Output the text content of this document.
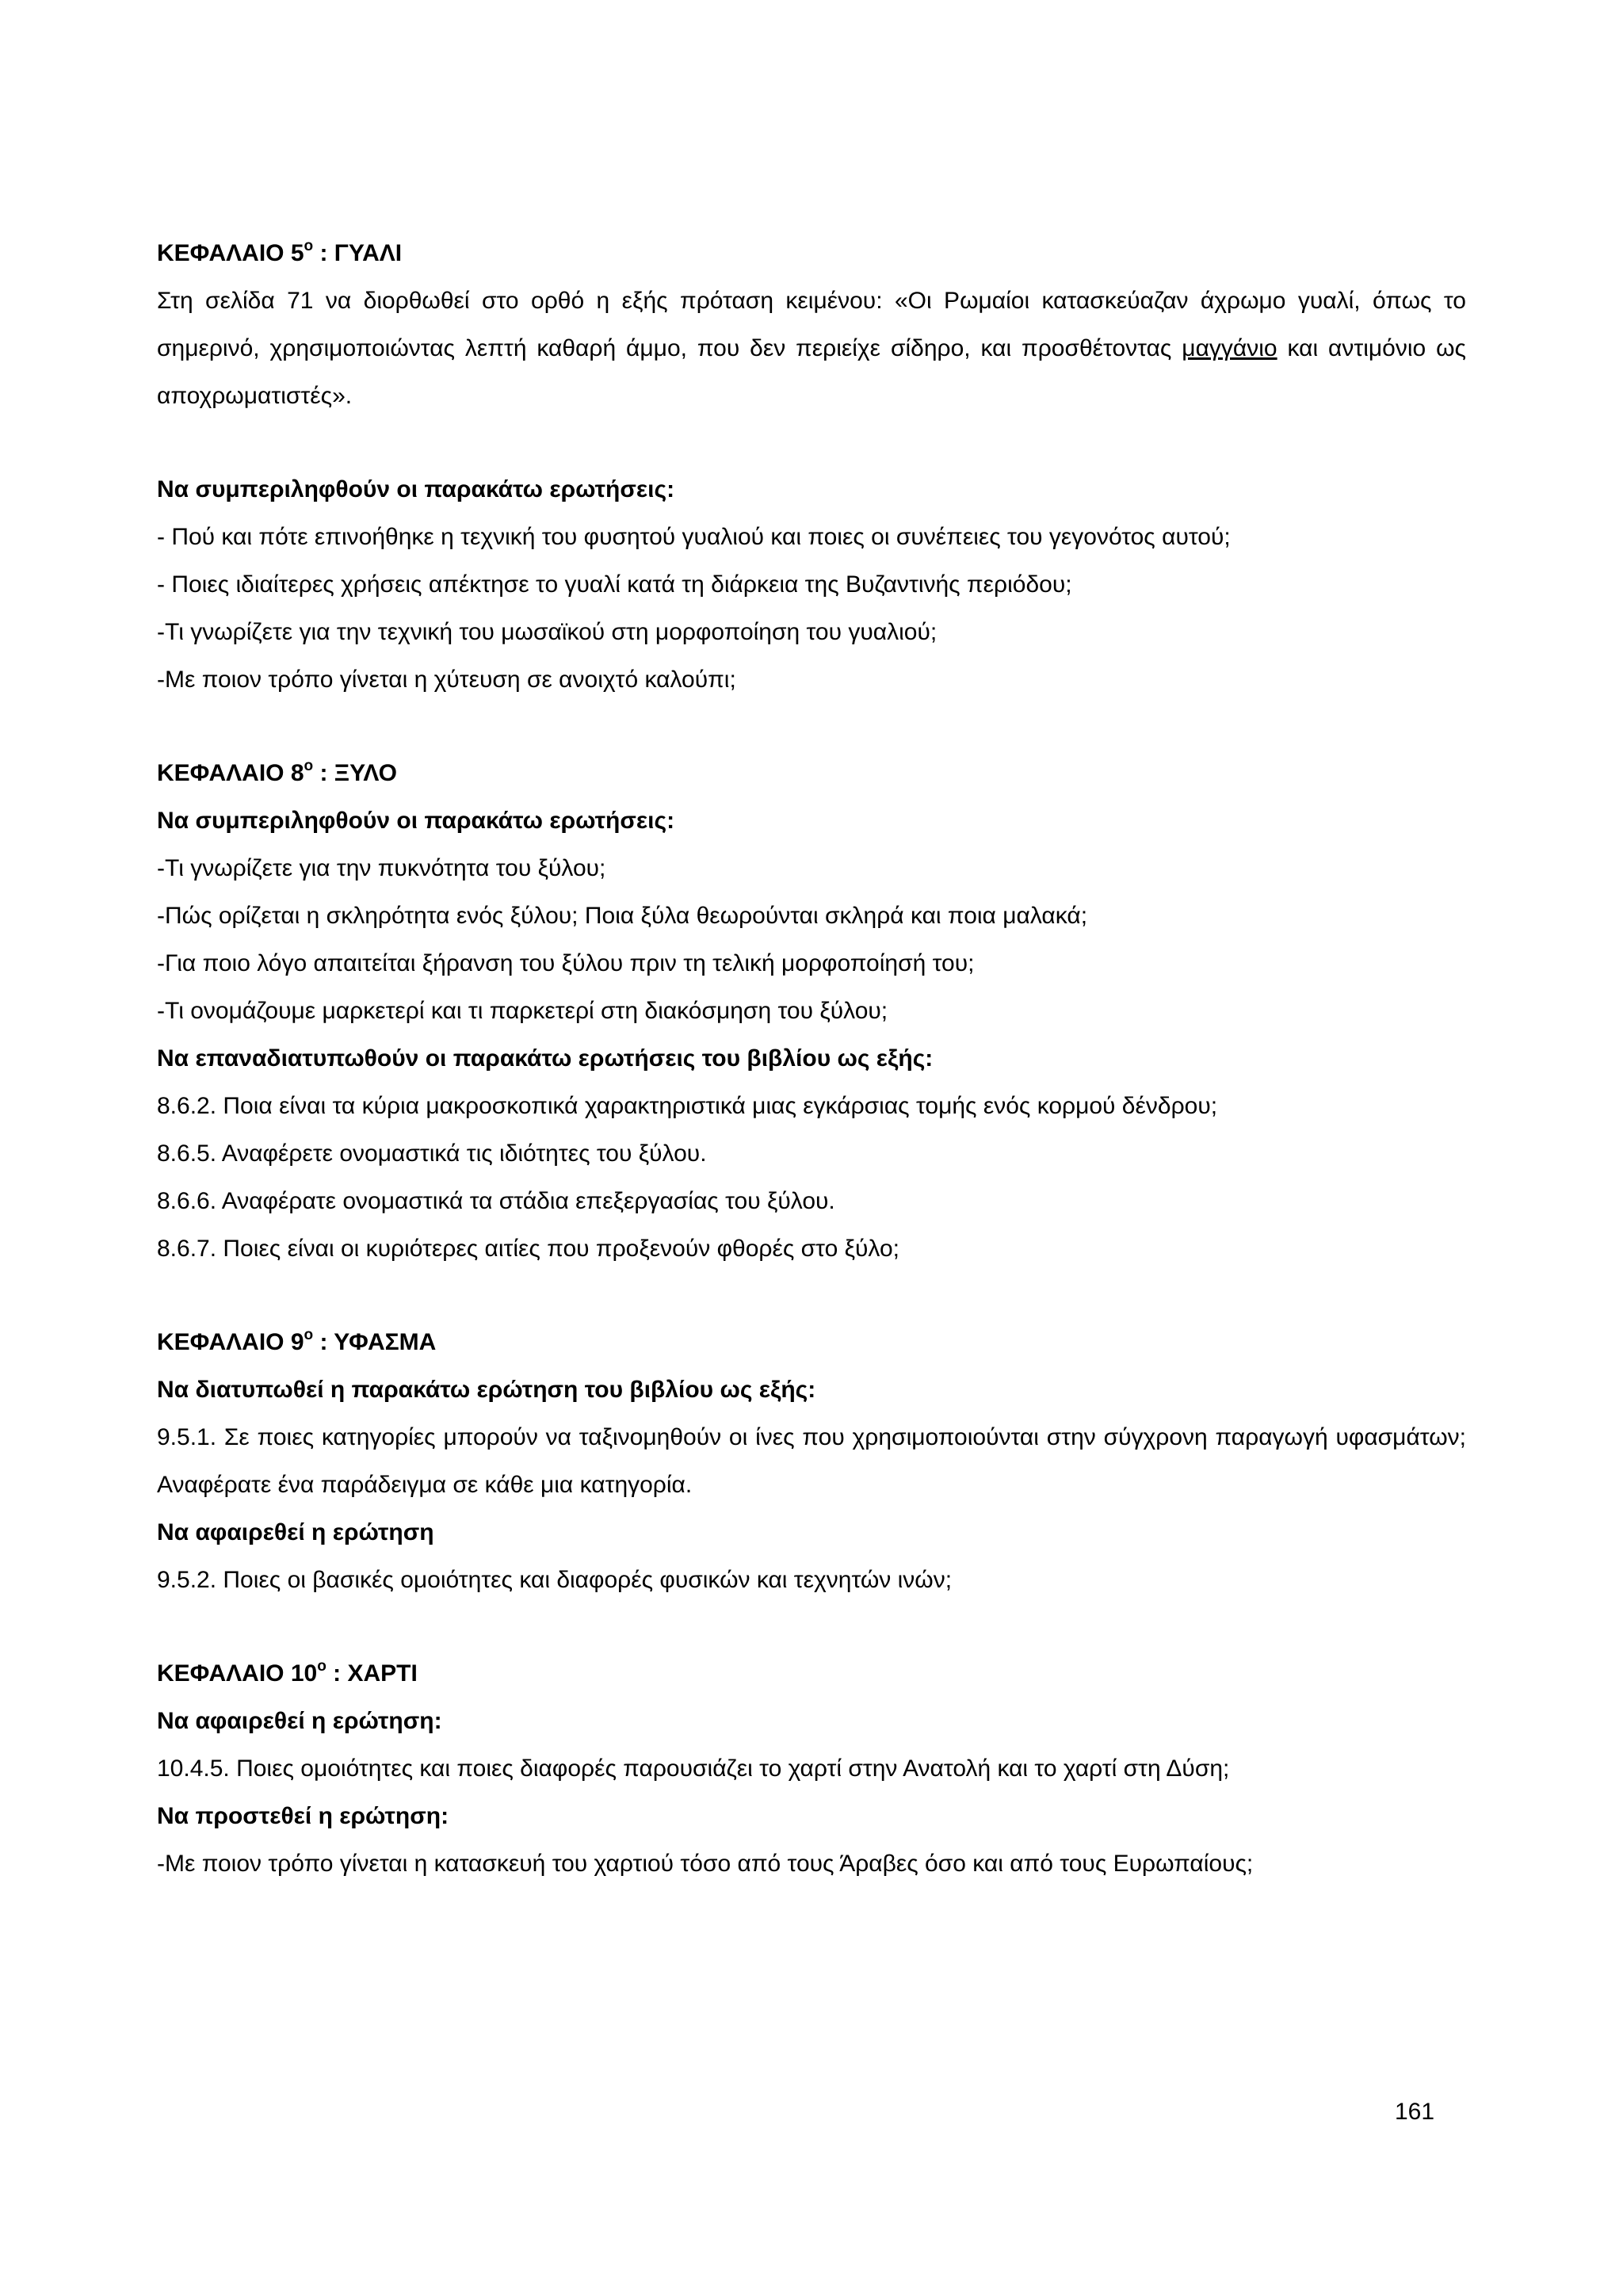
ΚΕΦΑΛΑΙΟ $5^o$ : ΓΥΑΛΙ
Στη σελίδα 71 να διορθωθεί στο ορθό η εξής πρόταση κειμένου: «Οι Ρωμαίοι κατασκεύαζαν άχρωμο γυαλί, όπως το σημερινό, χρησιμοποιώντας λεπτή καθαρή άμμο, που δεν περιείχε σίδηρο, και προσθέτοντας μαγγάνιο και αντιμόνιο ως αποχρωματιστές».
Να συμπεριληφθούν οι παρακάτω ερωτήσεις:
- Πού και πότε επινοήθηκε η τεχνική του φυσητού γυαλιού και ποιες οι συνέπειες του γεγονότος αυτού;
- Ποιες ιδιαίτερες χρήσεις απέκτησε το γυαλί κατά τη διάρκεια της Βυζαντινής περιόδου;
-Τι γνωρίζετε για την τεχνική του μωσαϊκού στη μορφοποίηση του γυαλιού;
-Με ποιον τρόπο γίνεται η χύτευση σε ανοιχτό καλούπι;
ΚΕΦΑΛΑΙΟ $8^o$ : ΞΥΛΟ
Να συμπεριληφθούν οι παρακάτω ερωτήσεις:
-Τι γνωρίζετε για την πυκνότητα του ξύλου;
-Πώς ορίζεται η σκληρότητα ενός ξύλου; Ποια ξύλα θεωρούνται σκληρά και ποια μαλακά;
-Για ποιο λόγο απαιτείται ξήρανση του ξύλου πριν τη τελική μορφοποίησή του;
-Τι ονομάζουμε μαρκετερί και τι παρκετερί στη διακόσμηση του ξύλου;
Να επαναδιατυπωθούν οι παρακάτω ερωτήσεις του βιβλίου ως εξής:
8.6.2. Ποια είναι τα κύρια μακροσκοπικά χαρακτηριστικά μιας εγκάρσιας τομής ενός κορμού δένδρου;
8.6.5. Αναφέρετε ονομαστικά τις ιδιότητες του ξύλου.
8.6.6. Αναφέρατε ονομαστικά τα στάδια επεξεργασίας του ξύλου.
8.6.7. Ποιες είναι οι κυριότερες αιτίες που προξενούν φθορές στο ξύλο;
ΚΕΦΑΛΑΙΟ $9^o$ : ΥΦΑΣΜΑ
Να διατυπωθεί η παρακάτω ερώτηση του βιβλίου ως εξής:
9.5.1. Σε ποιες κατηγορίες μπορούν να ταξινομηθούν οι ίνες που χρησιμοποιούνται στην σύγχρονη παραγωγή υφασμάτων; Αναφέρατε ένα παράδειγμα σε κάθε μια κατηγορία.
Να αφαιρεθεί η ερώτηση
9.5.2. Ποιες οι βασικές ομοιότητες και διαφορές φυσικών και τεχνητών ινών;
ΚΕΦΑΛΑΙΟ $10^o$ : ΧΑΡΤΙ
Να αφαιρεθεί η ερώτηση:
10.4.5. Ποιες ομοιότητες και ποιες διαφορές παρουσιάζει το χαρτί στην Ανατολή και το χαρτί στη Δύση;
Να προστεθεί η ερώτηση:
-Με ποιον τρόπο γίνεται η κατασκευή του χαρτιού τόσο από τους Άραβες όσο και από τους Ευρωπαίους;
161
